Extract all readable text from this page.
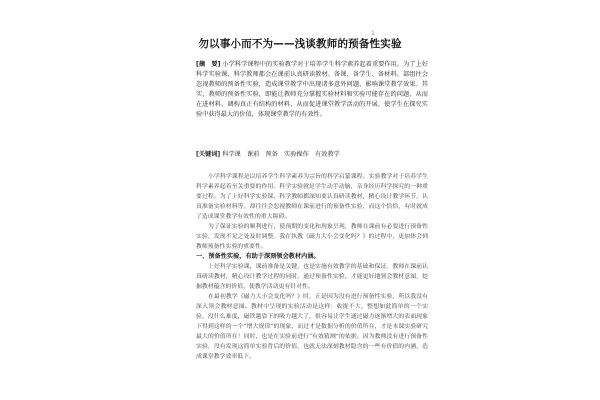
1
勿以事小而不为——浅谈教师的预备性实验
[摘　要] 小学科学课程中的实验教学对于培养学生科学素养起着重要作用。为了上好科学实验课，科学教师都会在课前认真研读教材、备课、备学生、备材料。部组往会忽视教师的预备性实验，造成课堂教学中出现诸多意外问题，影响课堂教学效果。其实，教师的预备性实验，即能让教师充分掌握实验材料和实验可能存在的问题，从而在进材料、调构真正有结构的材料，从而促进课堂教学活动的开展，使学生在探究实验中获得最大的价值，体现课堂教学的有效性。
[关键词] 科学课　课前　预备　实验操作　有效教学

小学科学课程是以培养学生科学素养为宗旨的科学启蒙课程。实验教学对于培养学生科学素养起着至关重要的作用。科学实验就是学生动手动脑，亲身经历科学探究的一种重要过程。为了上好科学实验课，科学教师都深知要认真研读教材，精心设计教学环节，认真准备实验材料等。却往往会忽视教师在课前进行的预备性实验，而这个恰恰，有时就成了造成课堂教学有效性的重大障碍。

为了保证实验的顺利进行，使预期的变化和现象呈现，教师在课前有必要进行预备性实验，发现不足之处及时调整。我在执教《磁力大小会变化吗？》的过程中，更加体会到教师预备性实验的重要性。

一、预备性实验，有助于深刻领会教材内涵。

上好科学实验课，课前准备是关键，也是实施有效教学的基础和保证。教师在课前认真研读教材，精心设计教学过程的同时，通过预备性实验，才能更好地领会教材意图，挖掘教材蕴含的价值，使教学活动更有针对性。

在最初教学《磁力大小会变化吗？》时，正是因为没有进行预备性实验，所以我没有深入领会教材意图。教材中呈现的实验活动是这样：收拢不大，整想如此简单的一个实验，没什么难度，磁铁越靠下的吸力越大了，很容易让学生通过磁力逐渐增大的表面现象下得到这样的一个“增大规律”的现象，而过才是数据分析的价值所在，才是本课实验研究最大的价值所在！同时，也是在实验前进行“有效猜测”的依据。因为教师没有进行预备性实验，没有发现这简单实验背后的价值，也就无法深刻教材隐含的一些有价值的内涵，造成课堂教学效率低下。
